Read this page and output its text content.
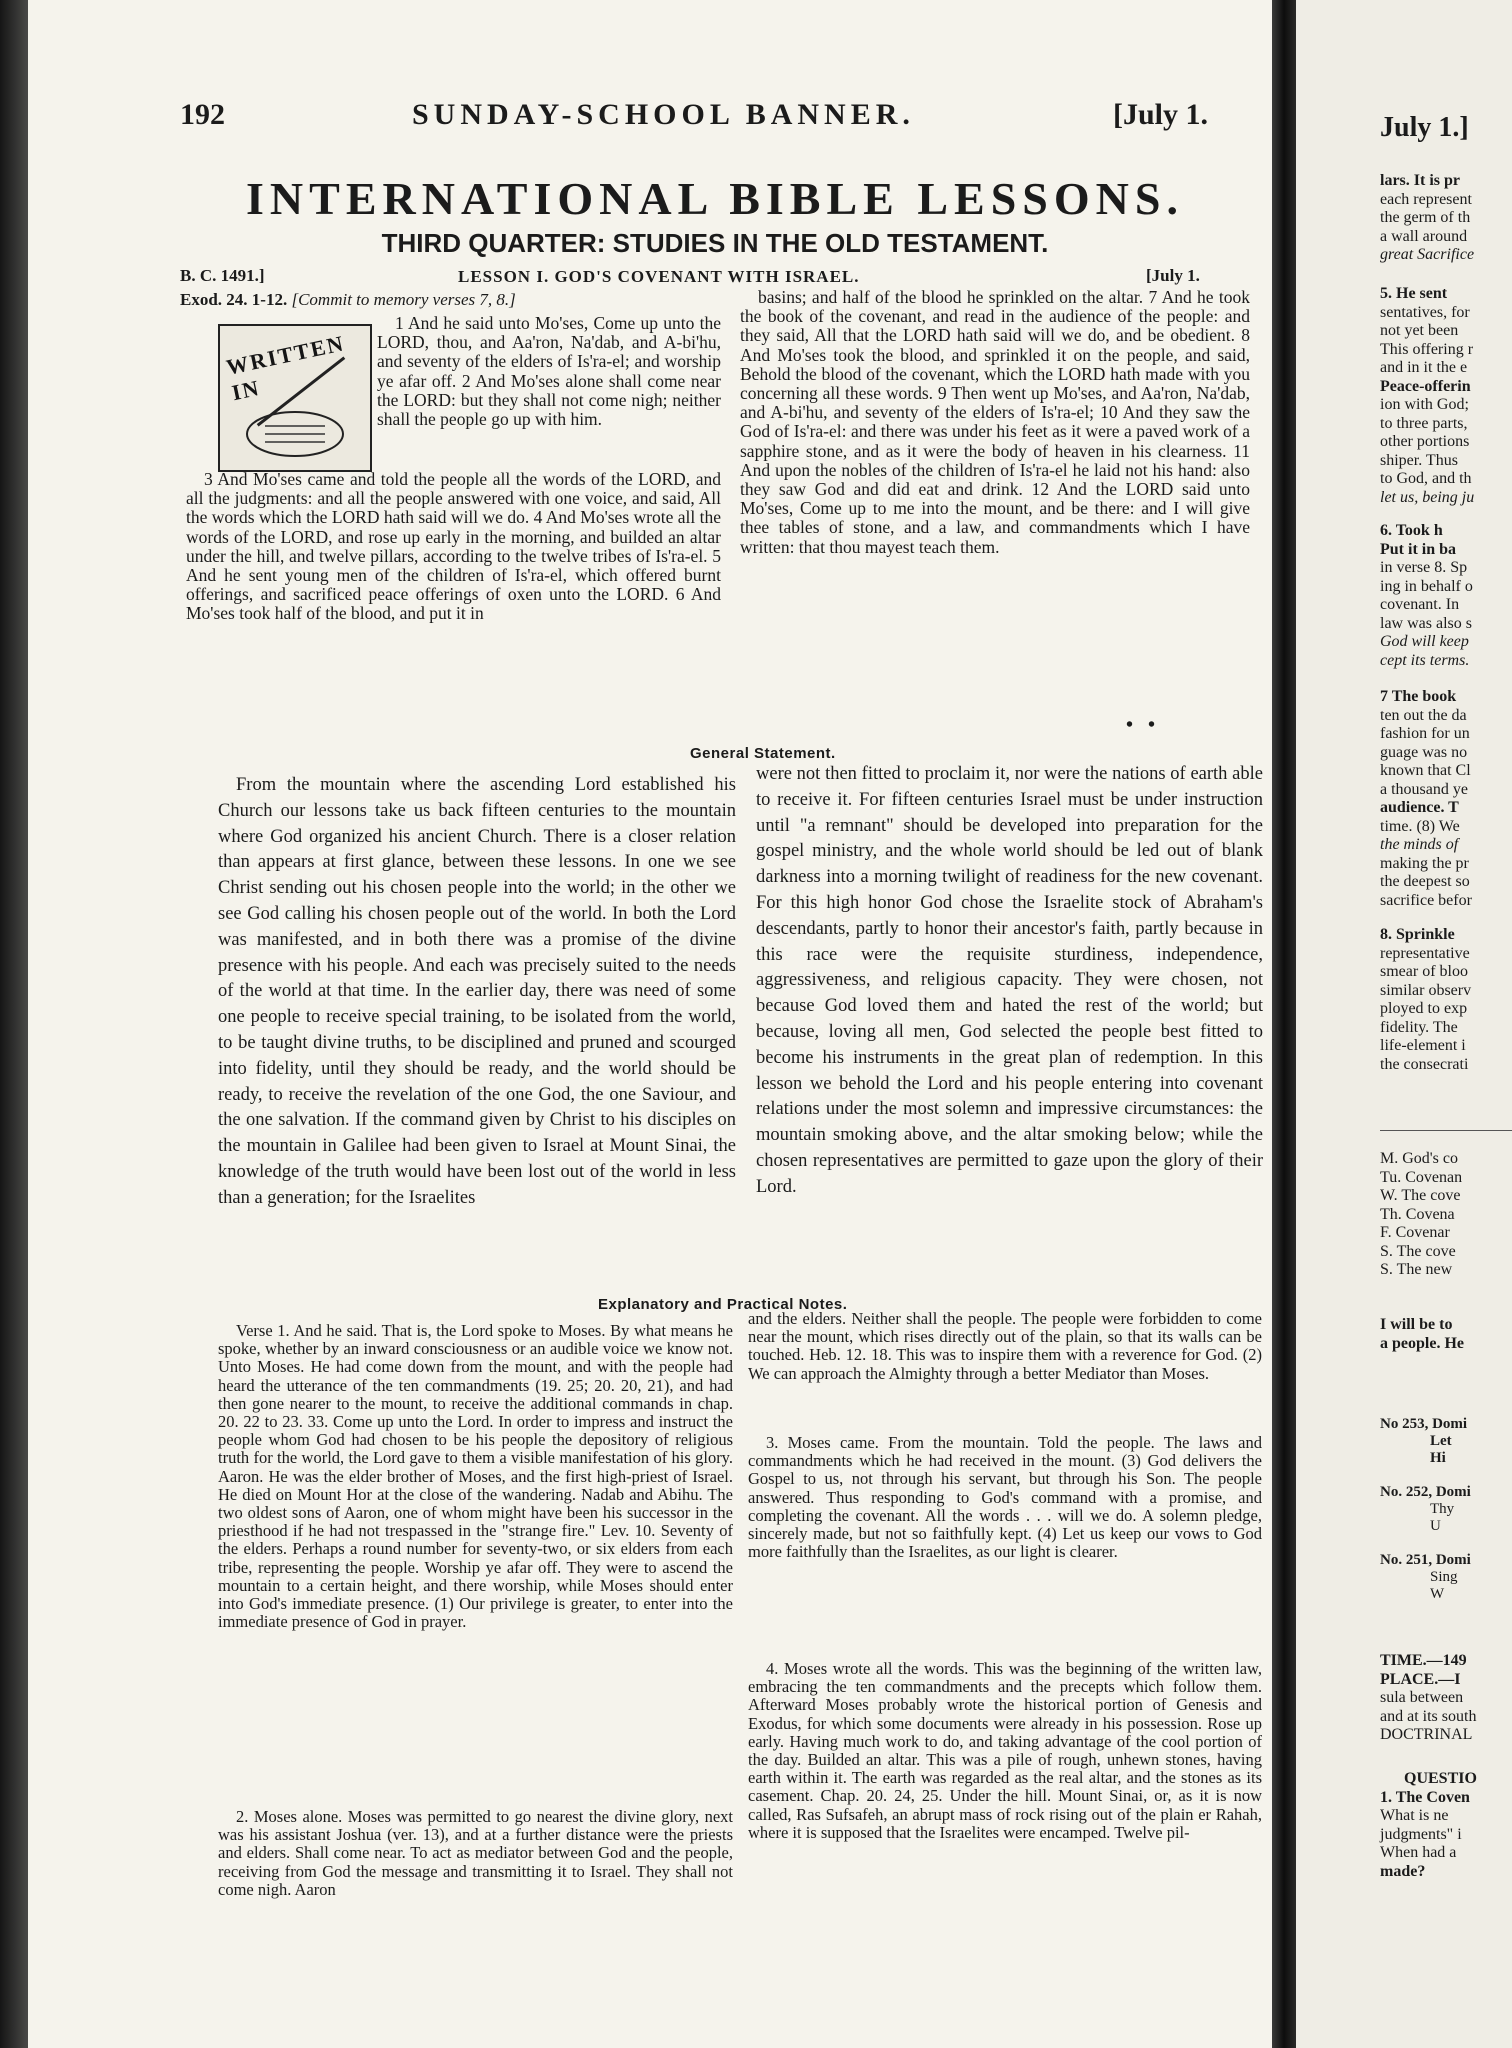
192	SUNDAY-SCHOOL BANNER.	[July 1.
INTERNATIONAL BIBLE LESSONS.
THIRD QUARTER: STUDIES IN THE OLD TESTAMENT.
B. C. 1491.]	LESSON I. GOD'S COVENANT WITH ISRAEL.	[July 1.
Exod. 24. 1-12. [Commit to memory verses 7, 8.]
WRITTEN IN

1 And he said unto Mo'ses, Come up unto the LORD, thou, and Aa'ron, Na'dab, and A-bi'hu, and seventy of the elders of Is'ra-el; and worship ye afar off. 2 And Mo'ses alone shall come near the LORD: but they shall not come nigh; neither shall the people go up with him.

3 And Mo'ses came and told the people all the words of the LORD, and all the judgments: and all the people answered with one voice, and said, All the words which the LORD hath said will we do. 4 And Mo'ses wrote all the words of the LORD, and rose up early in the morning, and builded an altar under the hill, and twelve pillars, according to the twelve tribes of Is'ra-el. 5 And he sent young men of the children of Is'ra-el, which offered burnt offerings, and sacrificed peace offerings of oxen unto the LORD. 6 And Mo'ses took half of the blood, and put it in

basins; and half of the blood he sprinkled on the altar. 7 And he took the book of the covenant, and read in the audience of the people: and they said, All that the LORD hath said will we do, and be obedient. 8 And Mo'ses took the blood, and sprinkled it on the people, and said, Behold the blood of the covenant, which the LORD hath made with you concerning all these words. 9 Then went up Mo'ses, and Aa'ron, Na'dab, and A-bi'hu, and seventy of the elders of Is'ra-el; 10 And they saw the God of Is'ra-el: and there was under his feet as it were a paved work of a sapphire stone, and as it were the body of heaven in his clearness. 11 And upon the nobles of the children of Is'ra-el he laid not his hand: also they saw God and did eat and drink. 12 And the LORD said unto Mo'ses, Come up to me into the mount, and be there: and I will give thee tables of stone, and a law, and commandments which I have written: that thou mayest teach them.

•   •
General Statement.

From the mountain where the ascending Lord established his Church our lessons take us back fifteen centuries to the mountain where God organized his ancient Church. There is a closer relation than appears at first glance, between these lessons. In one we see Christ sending out his chosen people into the world; in the other we see God calling his chosen people out of the world. In both the Lord was manifested, and in both there was a promise of the divine presence with his people. And each was precisely suited to the needs of the world at that time. In the earlier day, there was need of some one people to receive special training, to be isolated from the world, to be taught divine truths, to be disciplined and pruned and scourged into fidelity, until they should be ready, and the world should be ready, to receive the revelation of the one God, the one Saviour, and the one salvation. If the command given by Christ to his disciples on the mountain in Galilee had been given to Israel at Mount Sinai, the knowledge of the truth would have been lost out of the world in less than a generation; for the Israelites

were not then fitted to proclaim it, nor were the nations of earth able to receive it. For fifteen centuries Israel must be under instruction until "a remnant" should be developed into preparation for the gospel ministry, and the whole world should be led out of blank darkness into a morning twilight of readiness for the new covenant. For this high honor God chose the Israelite stock of Abraham's descendants, partly to honor their ancestor's faith, partly because in this race were the requisite sturdiness, independence, aggressiveness, and religious capacity. They were chosen, not because God loved them and hated the rest of the world; but because, loving all men, God selected the people best fitted to become his instruments in the great plan of redemption. In this lesson we behold the Lord and his people entering into covenant relations under the most solemn and impressive circumstances: the mountain smoking above, and the altar smoking below; while the chosen representatives are permitted to gaze upon the glory of their Lord.

Explanatory and Practical Notes.

Verse 1. And he said. That is, the Lord spoke to Moses. By what means he spoke, whether by an inward consciousness or an audible voice we know not. Unto Moses. He had come down from the mount, and with the people had heard the utterance of the ten commandments (19. 25; 20. 20, 21), and had then gone nearer to the mount, to receive the additional commands in chap. 20. 22 to 23. 33. Come up unto the Lord. In order to impress and instruct the people whom God had chosen to be his people the depository of religious truth for the world, the Lord gave to them a visible manifestation of his glory. Aaron. He was the elder brother of Moses, and the first high-priest of Israel. He died on Mount Hor at the close of the wandering. Nadab and Abihu. The two oldest sons of Aaron, one of whom might have been his successor in the priesthood if he had not trespassed in the "strange fire." Lev. 10. Seventy of the elders. Perhaps a round number for seventy-two, or six elders from each tribe, representing the people. Worship ye afar off. They were to ascend the mountain to a certain height, and there worship, while Moses should enter into God's immediate presence. (1) Our privilege is greater, to enter into the immediate presence of God in prayer.

2. Moses alone. Moses was permitted to go nearest the divine glory, next was his assistant Joshua (ver. 13), and at a further distance were the priests and elders. Shall come near. To act as mediator between God and the people, receiving from God the message and transmitting it to Israel. They shall not come nigh. Aaron

and the elders. Neither shall the people. The people were forbidden to come near the mount, which rises directly out of the plain, so that its walls can be touched. Heb. 12. 18. This was to inspire them with a reverence for God. (2) We can approach the Almighty through a better Mediator than Moses.

3. Moses came. From the mountain. Told the people. The laws and commandments which he had received in the mount. (3) God delivers the Gospel to us, not through his servant, but through his Son. The people answered. Thus responding to God's command with a promise, and completing the covenant. All the words . . . will we do. A solemn pledge, sincerely made, but not so faithfully kept. (4) Let us keep our vows to God more faithfully than the Israelites, as our light is clearer.

4. Moses wrote all the words. This was the beginning of the written law, embracing the ten commandments and the precepts which follow them. Afterward Moses probably wrote the historical portion of Genesis and Exodus, for which some documents were already in his possession. Rose up early. Having much work to do, and taking advantage of the cool portion of the day. Builded an altar. This was a pile of rough, unhewn stones, having earth within it. The earth was regarded as the real altar, and the stones as its casement. Chap. 20. 24, 25. Under the hill. Mount Sinai, or, as it is now called, Ras Sufsafeh, an abrupt mass of rock rising out of the plain er Rahah, where it is supposed that the Israelites were encamped. Twelve pil-

July 1.]
lars. It is pr
each represent
the germ of th
a wall around
great Sacrifice
5. He sent
sentatives, for
not yet been
This offering r
and in it the e
Peace-offerin
ion with God;
to three parts,
other portions
shiper. Thus
to God, and th
let us, being ju
6. Took h
Put it in ba
in verse 8. Sp
ing in behalf o
covenant. In
law was also s
God will keep
cept its terms.
7 The book
ten out the da
fashion for un
guage was no
known that Cl
a thousand ye
audience. T
time. (8) We
the minds of
making the pr
the deepest so
sacrifice befor
8. Sprinkle
representative
smear of bloo
similar observ
ployed to exp
fidelity. The
life-element i
the consecrati
M. God's co
Tu. Covenan
W. The cove
Th. Covena
F. Covenar
S. The cove
S. The new
I will be to
a people. He
No 253, Domi
Let
Hi

No. 252, Domi
Thy
U

No. 251, Domi
Sing
W
TIME.—149
PLACE.—I
sula between
and at its south
DOCTRINAL
QUESTIO
1. The Coven
What is ne
judgments" i
When had a
made?
